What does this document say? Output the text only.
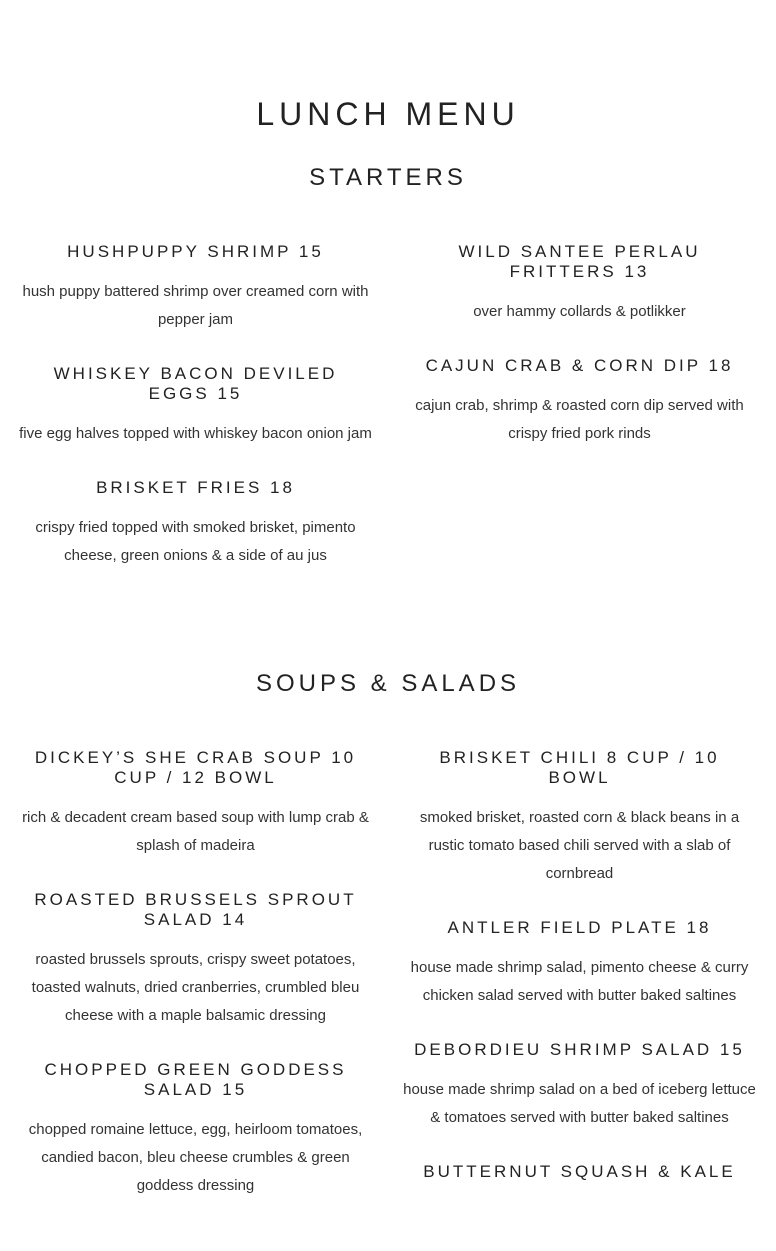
LUNCH MENU
STARTERS
HUSHPUPPY SHRIMP 15

hush puppy battered shrimp over creamed corn with pepper jam

WHISKEY BACON DEVILED EGGS 15

five egg halves topped with whiskey bacon onion jam

BRISKET FRIES 18

crispy fried topped with smoked brisket, pimento cheese, green onions & a side of au jus

WILD SANTEE PERLAU FRITTERS 13

over hammy collards & potlikker

CAJUN CRAB & CORN DIP 18

cajun crab, shrimp & roasted corn dip served with crispy fried pork rinds

SOUPS & SALADS
DICKEY’S SHE CRAB SOUP 10 CUP / 12 BOWL

rich & decadent cream based soup with lump crab & splash of madeira

ROASTED BRUSSELS SPROUT SALAD 14

roasted brussels sprouts, crispy sweet potatoes, toasted walnuts, dried cranberries, crumbled bleu cheese with a maple balsamic dressing

CHOPPED GREEN GODDESS SALAD 15

chopped romaine lettuce, egg, heirloom tomatoes, candied bacon, bleu cheese crumbles & green goddess dressing

BRISKET CHILI 8 CUP / 10 BOWL

smoked brisket, roasted corn & black beans in a rustic tomato based chili served with a slab of cornbread

ANTLER FIELD PLATE 18

house made shrimp salad, pimento cheese & curry chicken salad served with butter baked saltines

DEBORDIEU SHRIMP SALAD 15

house made shrimp salad on a bed of iceberg lettuce & tomatoes served with butter baked saltines

BUTTERNUT SQUASH & KALE
